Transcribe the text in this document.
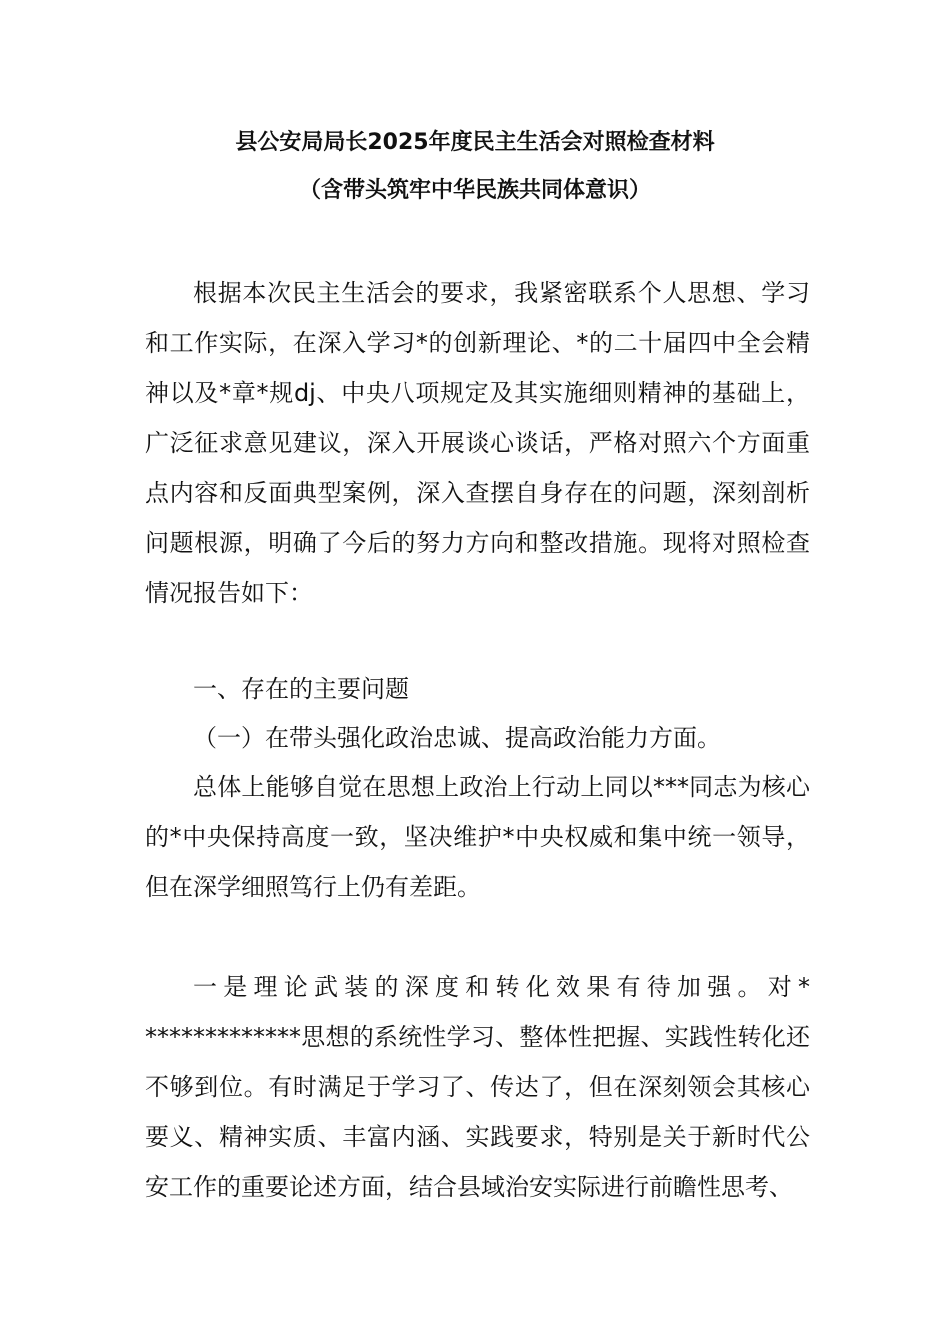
县公安局局长2025年度民主生活会对照检查材料
（含带头筑牢中华民族共同体意识）

根据本次民主生活会的要求，我紧密联系个人思想、学习和工作实际，在深入学习*的创新理论、*的二十届四中全会精神以及*章*规dj、中央八项规定及其实施细则精神的基础上，广泛征求意见建议，深入开展谈心谈话，严格对照六个方面重点内容和反面典型案例，深入查摆自身存在的问题，深刻剖析问题根源，明确了今后的努力方向和整改措施。现将对照检查情况报告如下：

一、存在的主要问题

（一）在带头强化政治忠诚、提高政治能力方面。

总体上能够自觉在思想上政治上行动上同以***同志为核心的*中央保持高度一致，坚决维护*中央权威和集中统一领导，但在深学细照笃行上仍有差距。

一是理论武装的深度和转化效果有待加强。对**************思想的系统性学习、整体性把握、实践性转化还不够到位。有时满足于学习了、传达了，但在深刻领会其核心要义、精神实质、丰富内涵、实践要求，特别是关于新时代公安工作的重要论述方面，结合县域治安实际进行前瞻性思考、
